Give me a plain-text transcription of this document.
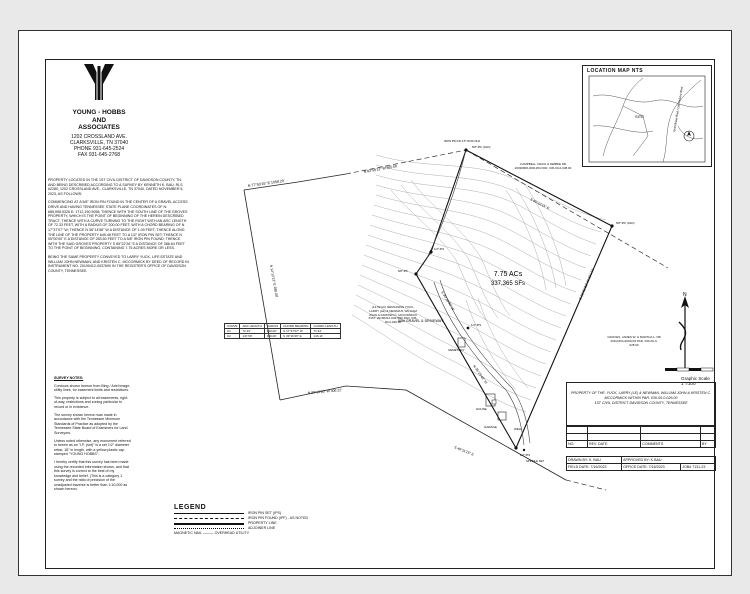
YOUNG - HOBBS
AND
ASSOCIATES
1202 CROSSLAND AVE.
CLARKSVILLE, TN 37040
PHONE 931-645-2524
FAX 931-645-2768

PROPERTY LOCATED IN THE 1ST CIVIL DISTRICT OF DAVIDSON COUNTY, TN, AND BEING DESCRIBED ACCORDING TO A SURVEY BY KENNETH K. BAU, RLS #2280, 1202 CROSSLAND AVE., CLARKSVILLE, TN 37040, DATED NOVEMBER 5, 2023, AS FOLLOWS:

COMMENCING AT A 5/8" IRON PIN FOUND IN THE CENTER OF A GRAVEL ACCESS DRIVE AND HAVING TENNESSEE STATE PLANE COORDINATES OF N: 685,998.5326 E: 1712,190.9058; THENCE WITH THE SOUTH LINE OF THE GROVES PROPERTY, WHICH IS THE POINT OF BEGINNING OF THE HEREIN DESCRIBED TRACT; THENCE WITH A CURVE TURNING TO THE RIGHT WITH AN ARC LENGTH OF 72.33 FEET, WITH A RADIUS OF 200.00 FEET, WITH A CHORD BEARING OF N 17°37'07" W; THENCE N 36°14'58" W A DISTANCE OF 1.09 FEET; THENCE ALONG THE LINE OF THE PROPERTY 645.48 FEET TO A 1/2" IRON PIN SET; THENCE N 05°00'00" E A DISTANCE OF 283.50 FEET TO A 5/8" IRON PIN FOUND; THENCE WITH THE SAID GROVES PROPERTY S 85°22'26" E A DISTANCE OF 386.64 FEET TO THE POINT OF BEGINNING, CONTAINING 7.75 ACRES MORE OR LESS.

BEING THE SAME PROPERTY CONVEYED TO LARRY YUCK, LIFE ESTATE AND WILLIAM JOHN NEWMAN, AND KRISTEN C. MCCORMICK BY DEED OF RECORD IN INSTRUMENT NO. 20190412-0037690 IN THE REGISTER'S OFFICE OF DAVIDSON COUNTY, TENNESSEE.

SURVEY NOTES:

Contours shown hereon from Bing / Ariel image, utility lines, for easement limits and restrictions.

This property is subject to all easements, right-of-way, restrictions and zoning particular to record or in existence.

The survey shown hereon was made in accordance with the Tennessee Minimum Standards of Practice as adopted by the Tennessee State Board of Examiners for Land Surveyors.

Unless noted otherwise, any monument referred to herein as an "I.P. (set)" is a set 1/2" diameter rebar, 18" in length, with a yellow plastic cap stamped "YOUNG HOBBS".

I hereby certify that this survey has been made using the recorded information shown, and that this survey is correct to the best of my knowledge and belief. (This is a category 1 survey and the ratio of precision of the unadjusted traverse is better than 1:10,000 as shown hereon.

N 77°53'15" E 1058.20'
N 82°58'12" W 365.66'
N 12°12'12" E 280.00'
N 80°15'00" W 406.22'
S 60°22'15" E
S 21°31'32" W 661.61'
S 39°19'02" W
N 35°19'48" W
S 49°11'15" E
7.75 ACs
337,365 SFs
5/8# GRAVEL & DRIVEWAY
CEMETERY
HOUSE
GARAGE	WELL
IRON PIN FD 0.5" ROD OLD
5/8" IPF (OLD)
5/8" IPF (OLD)
1/2" IPS
5/8" IPF
1/2" IPS
1/2" IPS
SPINDLE SET
CAMPBELL CRAIG & DEBBIE DB 20030806-0001254 PAR. 036-00-0-038.00
(12.59 AC) REMAINING YUCK, LARRY (LE) & NEWMAN, WILLIAM JOHN & KRISTEN C. MCCORMICK INST. 20190412-0037690 PAR. 036-00-0-026.00
GROVES, JAMES W. & MARTHA L. DB 20110104-0001234 PAR. 036-00-0-028.00
CURVE	ARC LENGTH	RADIUS	CHORD BEARING	CHORD LENGTH
C1	72.33'	200.00'	N 17°37'07" W	71.94'
C2	147.59'	300.00'	S 33°16'46" E	146.11'
LOCATION MAP NTS
SITE	Grandview Blvd / Old Hickory Blvd
N
Graphic Scale 1"=100'
LEGEND
IRON PIN SET (IPS)
IRON PIN FOUND (IPF) - AS NOTED
PROPERTY LINE
ADJOINER LINE
MAGNETIC NAIL ——— OVERHEAD UTILITY
PROPERTY OF THE: YUCK, LARRY (LE) & NEWMAN, WILLIAM JOHN & KRISTEN C. MCCORMICK WITHIN PAR. 036-00-0-026.00
1ST CIVIL DISTRICT DAVIDSON COUNTY, TENNESSEE

NO.	REV. DATE	COMMENTS	BY
DRAWN BY: K. BAU	APPROVED BY: K.BAU	
FIELD DATE: 7/16/2023	OFFICE DATE: 7/16/2023	JOB# 7131-23
